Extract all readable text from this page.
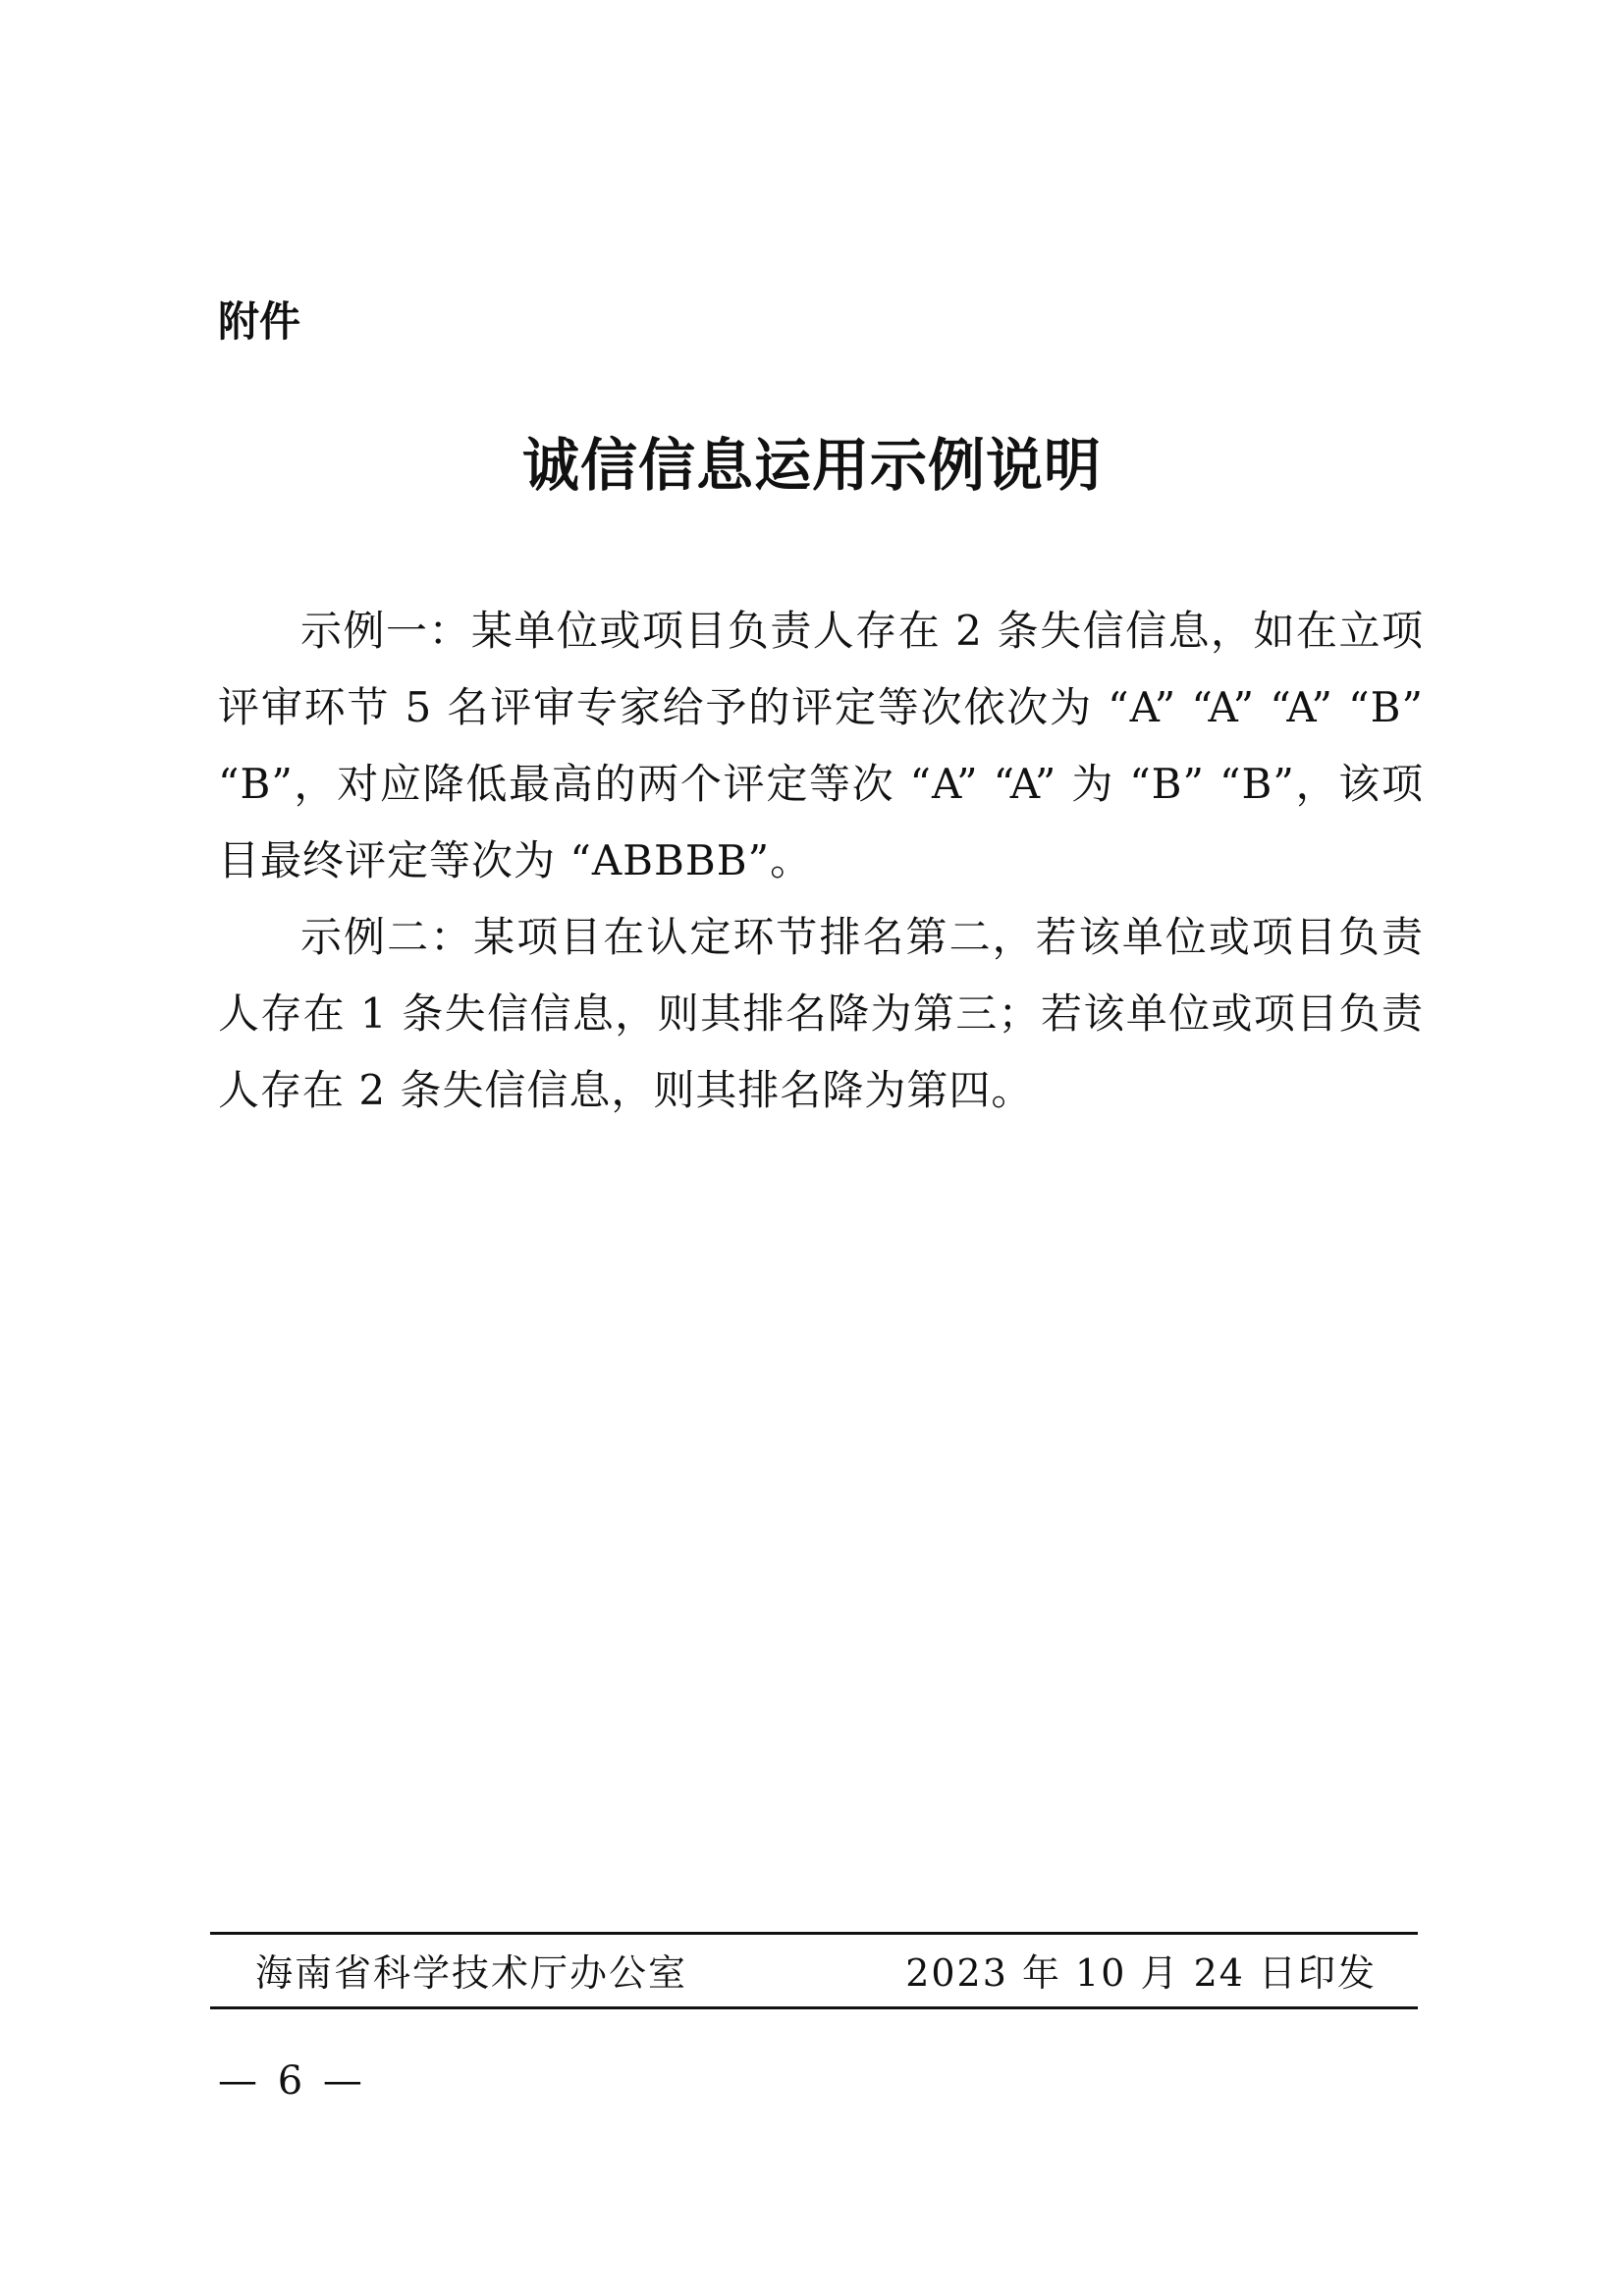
附件
诚信信息运用示例说明

示例一：某单位或项目负责人存在 2 条失信信息，如在立项评审环节 5 名评审专家给予的评定等次依次为 “A” “A” “A” “B” “B”，对应降低最高的两个评定等次 “A” “A” 为 “B” “B”，该项目最终评定等次为 “ABBBB”。

示例二：某项目在认定环节排名第二，若该单位或项目负责人存在 1 条失信信息，则其排名降为第三；若该单位或项目负责人存在 2 条失信信息，则其排名降为第四。

海南省科学技术厅办公室	2023 年 10 月 24 日印发
— 6 —
